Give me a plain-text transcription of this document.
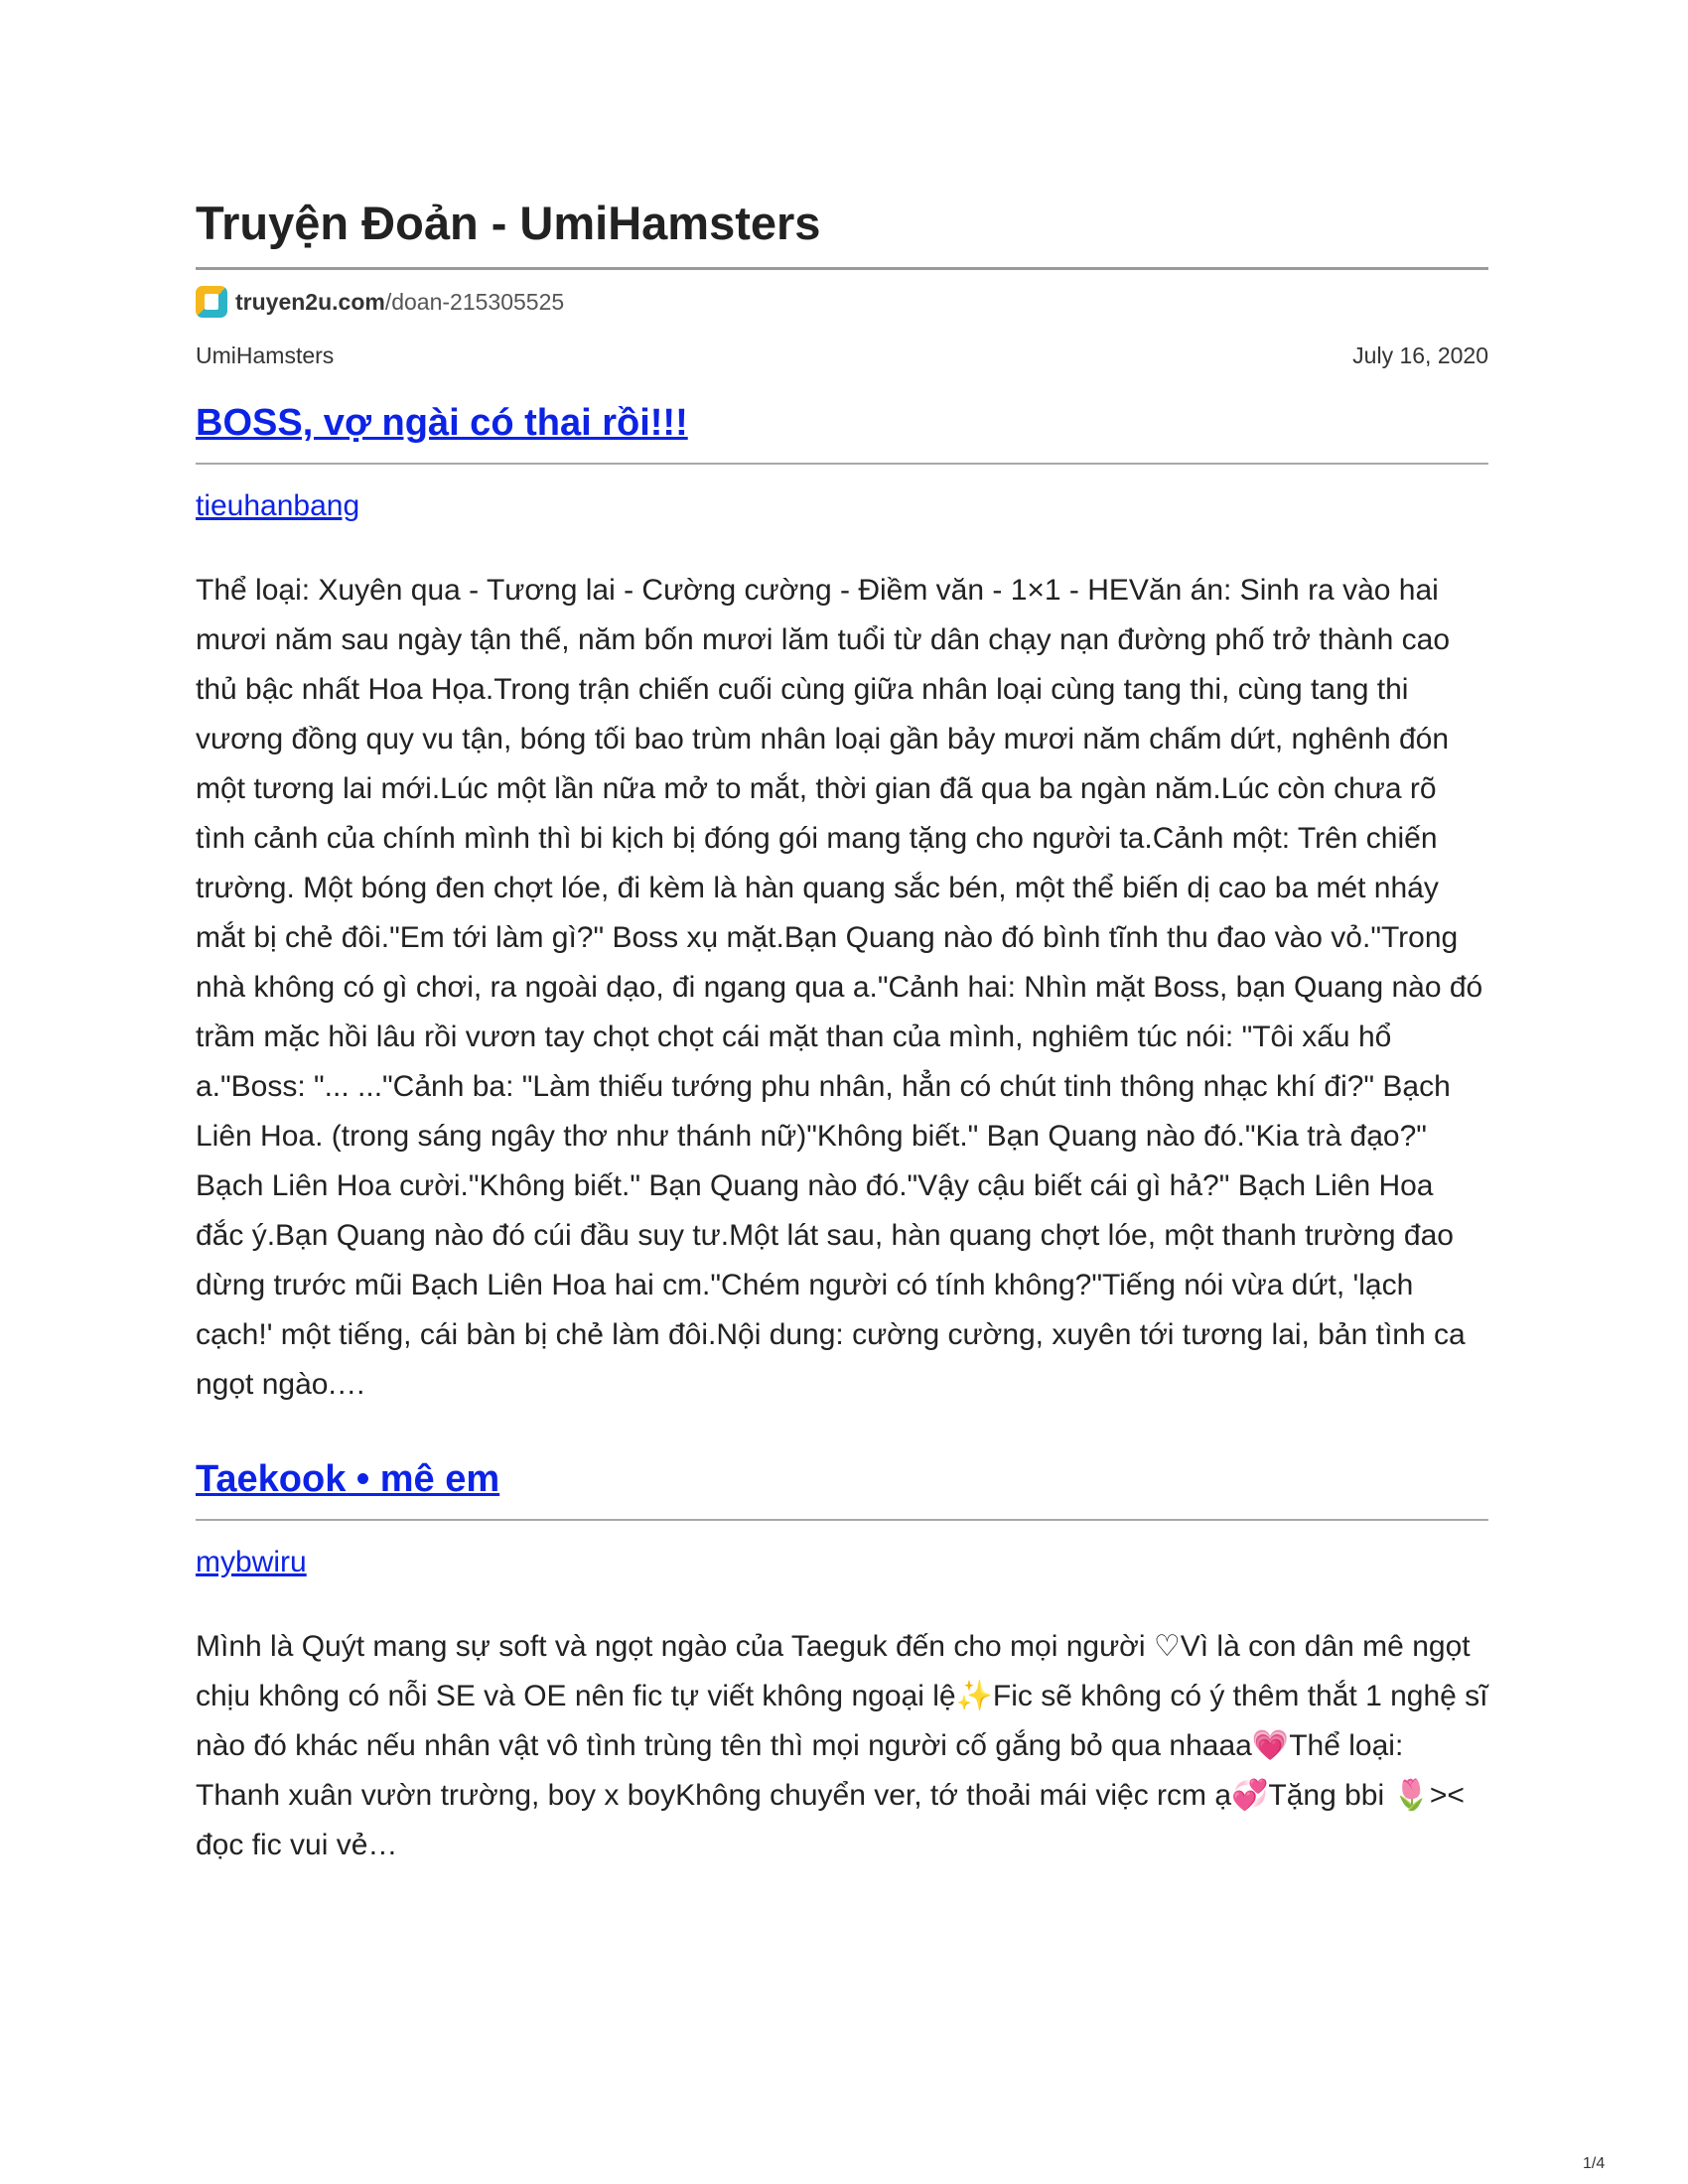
Truyện Đoản - UmiHamsters
truyen2u.com /doan-215305525
UmiHamsters	July 16, 2020
BOSS, vợ ngài có thai rồi!!!
tieuhanbang

Thể loại: Xuyên qua - Tương lai - Cường cường - Điềm văn - 1×1 - HEVăn án: Sinh ra vào hai mươi năm sau ngày tận thế, năm bốn mươi lăm tuổi từ dân chạy nạn đường phố trở thành cao thủ bậc nhất Hoa Họa.Trong trận chiến cuối cùng giữa nhân loại cùng tang thi, cùng tang thi vương đồng quy vu tận, bóng tối bao trùm nhân loại gần bảy mươi năm chấm dứt, nghênh đón một tương lai mới.Lúc một lần nữa mở to mắt, thời gian đã qua ba ngàn năm.Lúc còn chưa rõ tình cảnh của chính mình thì bi kịch bị đóng gói mang tặng cho người ta.Cảnh một: Trên chiến trường. Một bóng đen chợt lóe, đi kèm là hàn quang sắc bén, một thể biến dị cao ba mét nháy mắt bị chẻ đôi."Em tới làm gì?" Boss xụ mặt.Bạn Quang nào đó bình tĩnh thu đao vào vỏ."Trong nhà không có gì chơi, ra ngoài dạo, đi ngang qua a."Cảnh hai: Nhìn mặt Boss, bạn Quang nào đó trầm mặc hồi lâu rồi vươn tay chọt chọt cái mặt than của mình, nghiêm túc nói: "Tôi xấu hổ a."Boss: "... ..."Cảnh ba: "Làm thiếu tướng phu nhân, hẳn có chút tinh thông nhạc khí đi?" Bạch Liên Hoa. (trong sáng ngây thơ như thánh nữ)"Không biết." Bạn Quang nào đó."Kia trà đạo?" Bạch Liên Hoa cười."Không biết." Bạn Quang nào đó."Vậy cậu biết cái gì hả?" Bạch Liên Hoa đắc ý.Bạn Quang nào đó cúi đầu suy tư.Một lát sau, hàn quang chợt lóe, một thanh trường đao dừng trước mũi Bạch Liên Hoa hai cm."Chém người có tính không?"Tiếng nói vừa dứt, 'lạch cạch!' một tiếng, cái bàn bị chẻ làm đôi.Nội dung: cường cường, xuyên tới tương lai, bản tình ca ngọt ngào.…

Taekook • mê em
mybwiru

Mình là Quýt mang sự soft và ngọt ngào của Taeguk đến cho mọi người ♡Vì là con dân mê ngọt chịu không có nỗi SE và OE nên fic tự viết không ngoại lệ✨Fic sẽ không có ý thêm thắt 1 nghệ sĩ nào đó khác nếu nhân vật vô tình trùng tên thì mọi người cố gắng bỏ qua nhaaa💗Thể loại: Thanh xuân vườn trường, boy x boyKhông chuyển ver, tớ thoải mái việc rcm ạ💞Tặng bbi 🌷>< đọc fic vui vẻ…

1/4
